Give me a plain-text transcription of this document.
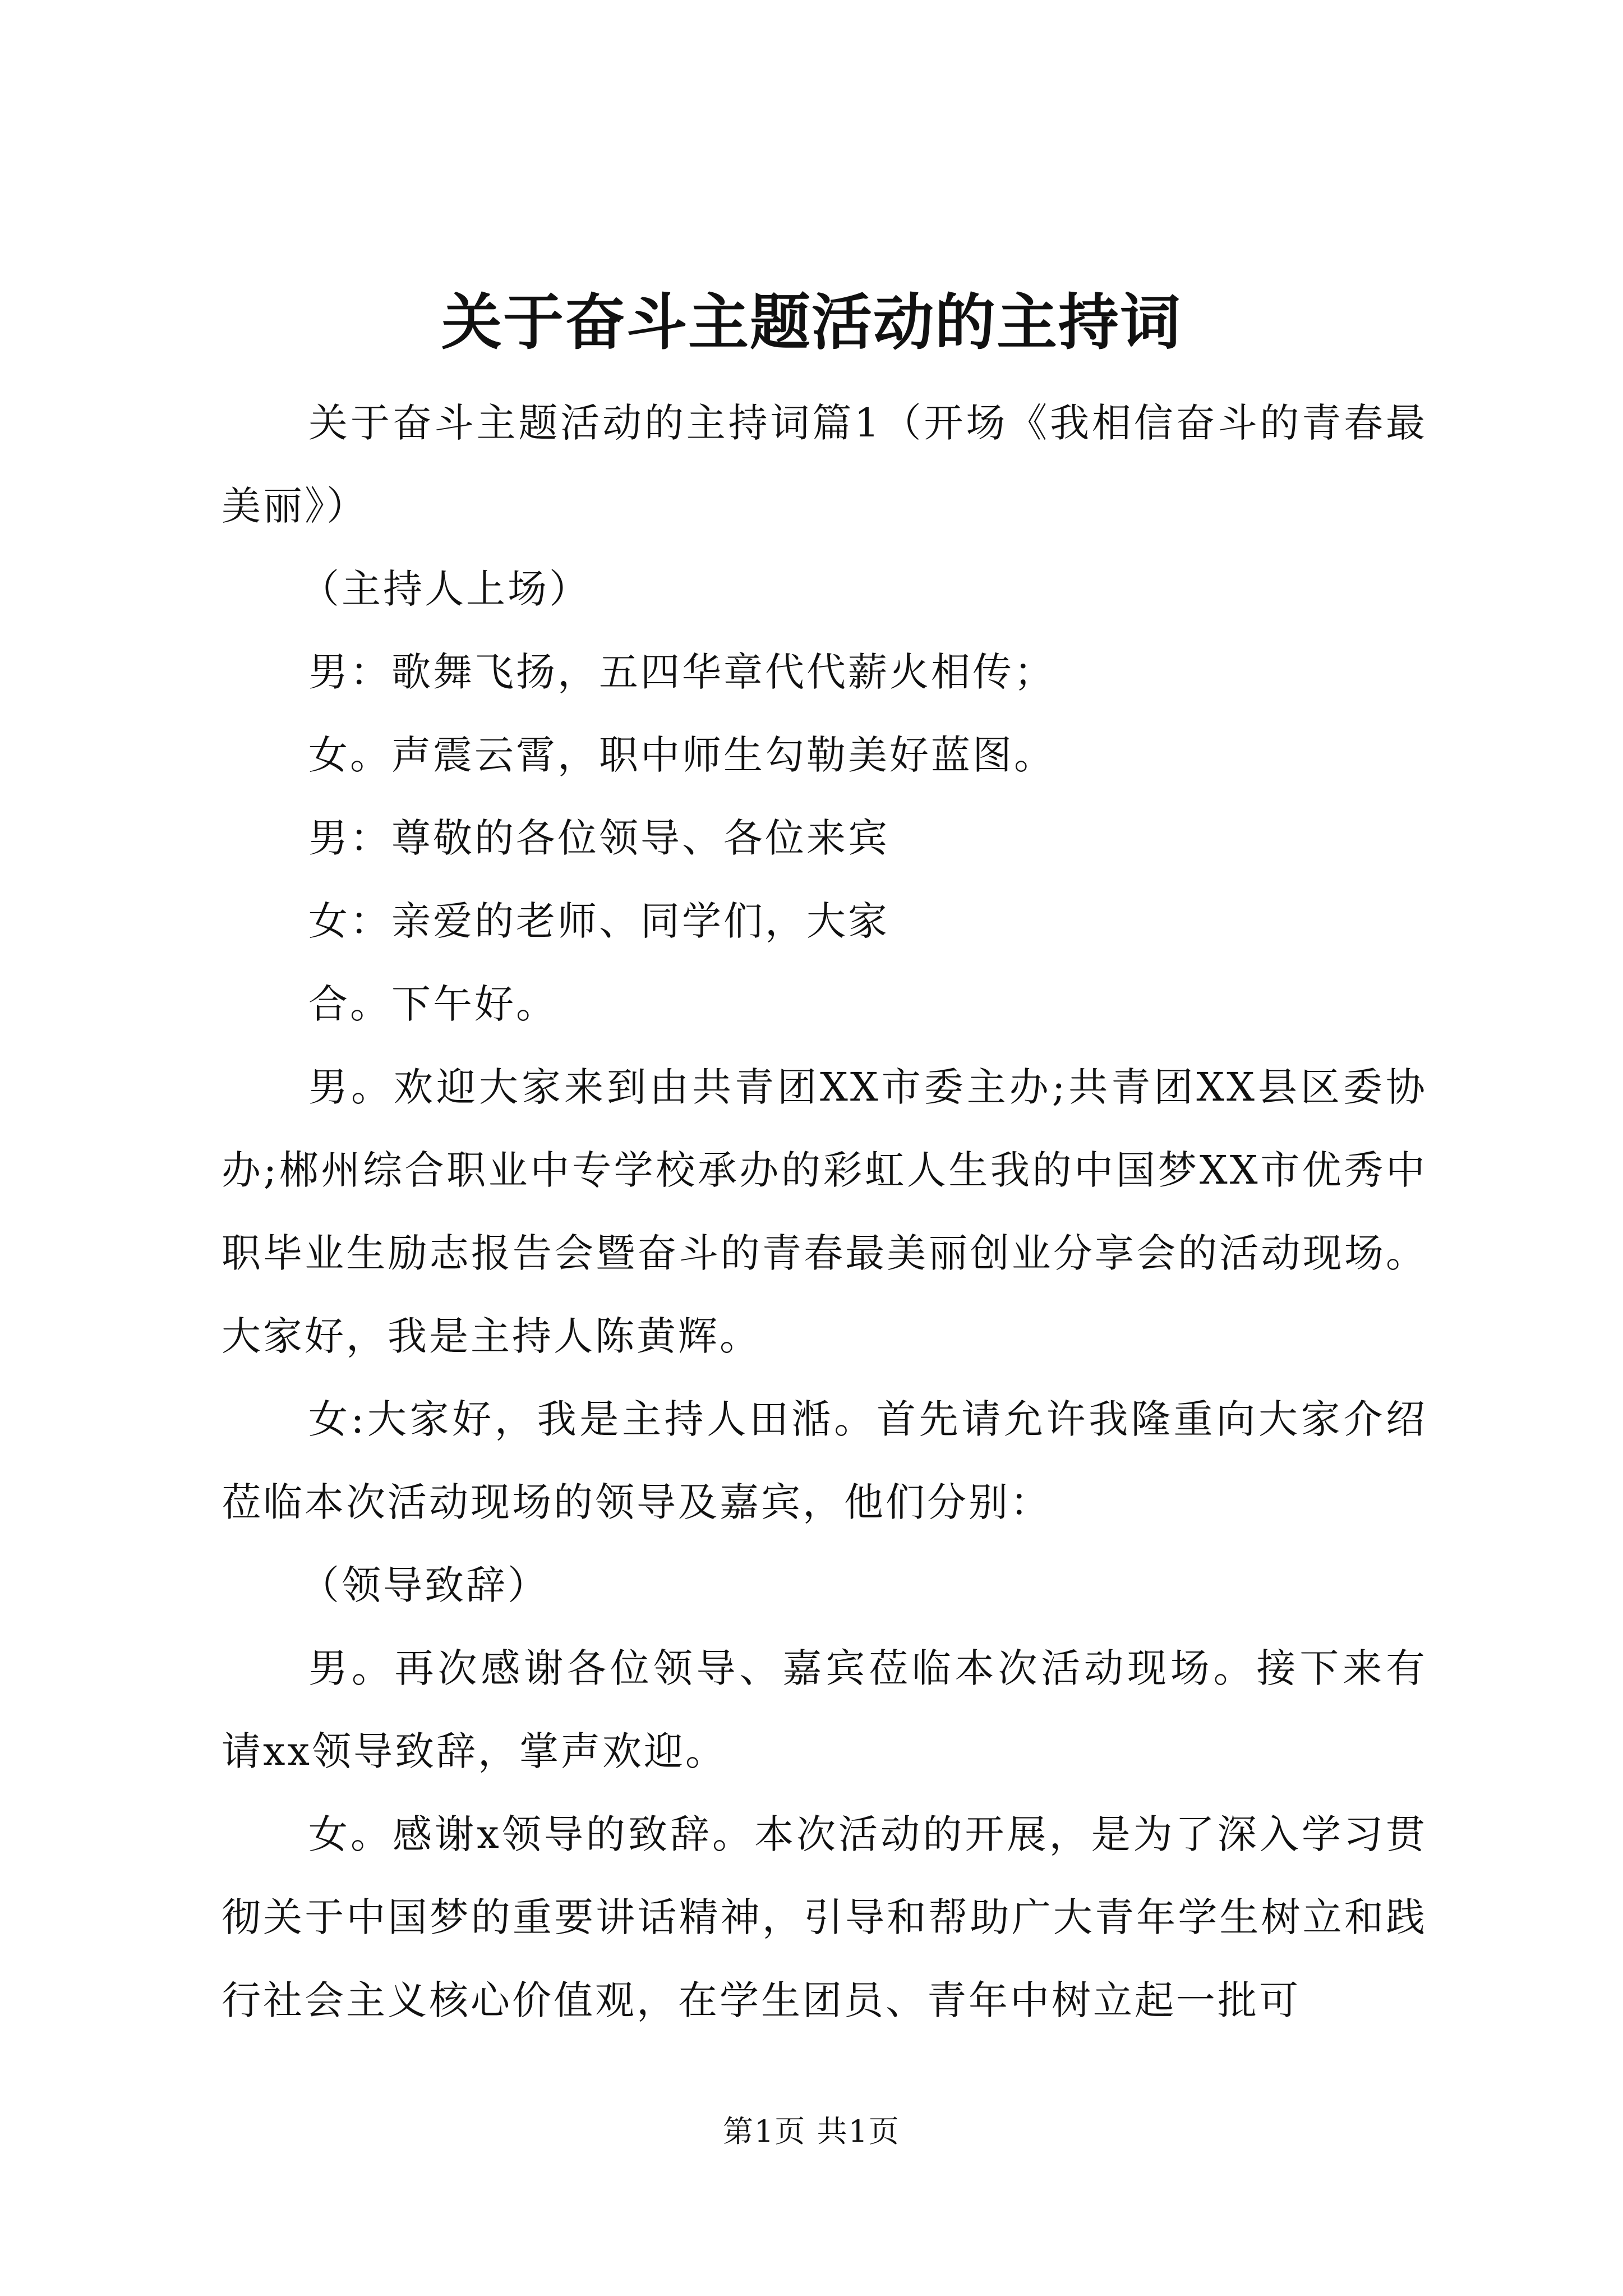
关于奋斗主题活动的主持词

关于奋斗主题活动的主持词篇1（开场《我相信奋斗的青春最美丽》）

（主持人上场）

男：歌舞飞扬，五四华章代代薪火相传；

女。声震云霄，职中师生勾勒美好蓝图。

男：尊敬的各位领导、各位来宾

女：亲爱的老师、同学们，大家

合。下午好。

男。欢迎大家来到由共青团XX市委主办;共青团XX县区委协办;郴州综合职业中专学校承办的彩虹人生我的中国梦XX市优秀中职毕业生励志报告会暨奋斗的青春最美丽创业分享会的活动现场。大家好，我是主持人陈黄辉。

女:大家好，我是主持人田湉。首先请允许我隆重向大家介绍莅临本次活动现场的领导及嘉宾，他们分别：

（领导致辞）

男。再次感谢各位领导、嘉宾莅临本次活动现场。接下来有请xx领导致辞，掌声欢迎。

女。感谢x领导的致辞。本次活动的开展，是为了深入学习贯彻关于中国梦的重要讲话精神，引导和帮助广大青年学生树立和践行社会主义核心价值观，在学生团员、青年中树立起一批可

第1页 共1页
